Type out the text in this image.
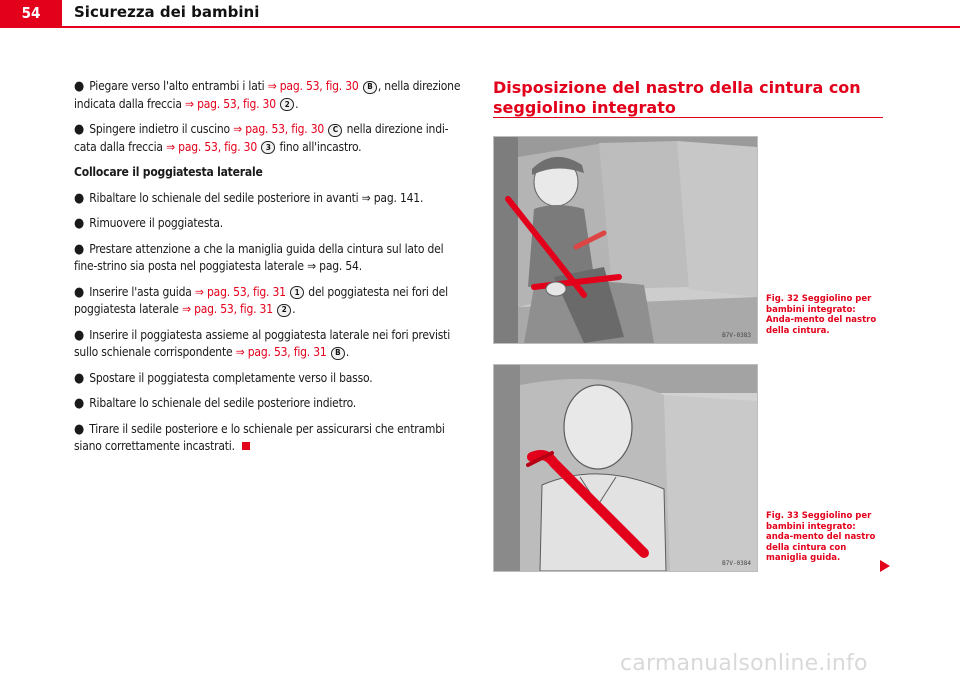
54	Sicurezza dei bambini

● Piegare verso l'alto entrambi i lati ⇒ pag. 53, fig. 30 B , nella direzione indicata dalla freccia ⇒ pag. 53, fig. 30 2 .

● Spingere indietro il cuscino ⇒ pag. 53, fig. 30 C nella direzione indi-cata dalla freccia ⇒ pag. 53, fig. 30 3 fino all'incastro.

Collocare il poggiatesta laterale

● Ribaltare lo schienale del sedile posteriore in avanti ⇒ pag. 141.

● Rimuovere il poggiatesta.

● Prestare attenzione a che la maniglia guida della cintura sul lato del fine-strino sia posta nel poggiatesta laterale ⇒ pag. 54.

● Inserire l'asta guida ⇒ pag. 53, fig. 31 1 del poggiatesta nei fori del poggiatesta laterale ⇒ pag. 53, fig. 31 2 .

● Inserire il poggiatesta assieme al poggiatesta laterale nei fori previsti sullo schienale corrispondente ⇒ pag. 53, fig. 31 B .

● Spostare il poggiatesta completamente verso il basso.

● Ribaltare lo schienale del sedile posteriore indietro.

● Tirare il sedile posteriore e lo schienale per assicurarsi che entrambi siano correttamente incastrati.

Disposizione del nastro della cintura con seggiolino integrato
B7V-0383
Fig. 32 Seggiolino per bambini integrato: Anda-mento del nastro della cintura.
B7V-0384
Fig. 33 Seggiolino per bambini integrato: anda-mento del nastro della cintura con maniglia guida.
carmanualsonline.info
